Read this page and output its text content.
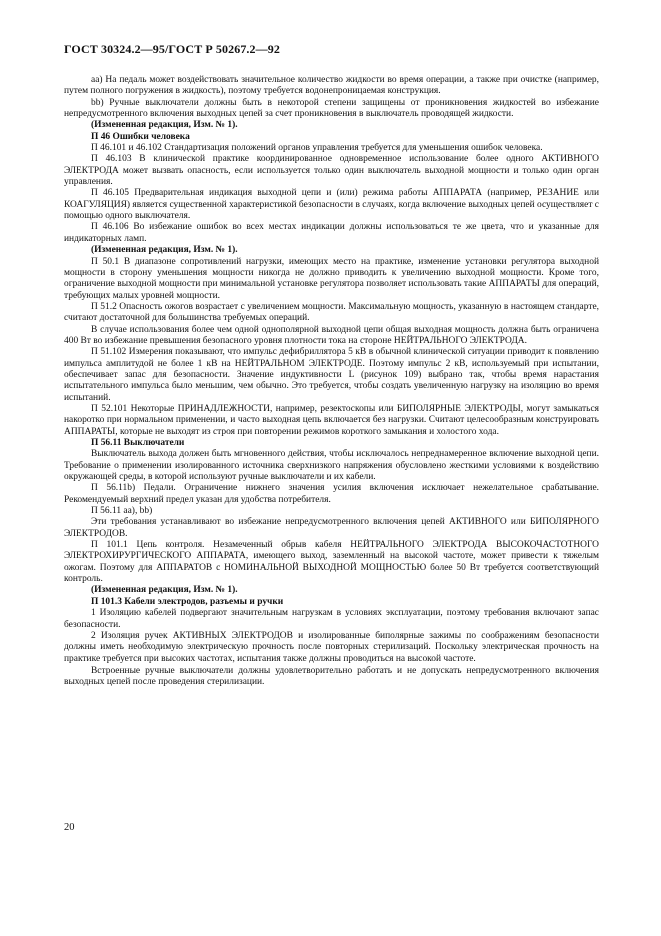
ГОСТ 30324.2—95/ГОСТ Р 50267.2—92

аа) На педаль может воздействовать значительное количество жидкости во время операции, а также при очистке (например, путем полного погружения в жидкость), поэтому требуется водонепроницаемая конструкция.

bb) Ручные выключатели должны быть в некоторой степени защищены от проникновения жидкостей во избежание непредусмотренного включения выходных цепей за счет проникновения в выключатель проводящей жидкости.

(Измененная редакция, Изм. № 1).

П 46 Ошибки человека

П 46.101 и 46.102 Стандартизация положений органов управления требуется для уменьшения ошибок человека.

П 46.103 В клинической практике координированное одновременное использование более одного АКТИВНОГО ЭЛЕКТРОДА может вызвать опасность, если используется только один выключатель выходной мощности и только один орган управления.

П 46.105 Предварительная индикация выходной цепи и (или) режима работы АППАРАТА (например, РЕЗАНИЕ или КОАГУЛЯЦИЯ) является существенной характеристикой безопасности в случаях, когда включение выходных цепей осуществляет с помощью одного выключателя.

П 46.106 Во избежание ошибок во всех местах индикации должны использоваться те же цвета, что и указанные для индикаторных ламп.

(Измененная редакция, Изм. № 1).

П 50.1 В диапазоне сопротивлений нагрузки, имеющих место на практике, изменение установки регулятора выходной мощности в сторону уменьшения мощности никогда не должно приводить к увеличению выходной мощности. Кроме того, ограничение выходной мощности при минимальной установке регулятора позволяет использовать такие АППАРАТЫ для операций, требующих малых уровней мощности.

П 51.2 Опасность ожогов возрастает с увеличением мощности. Максимальную мощность, указанную в настоящем стандарте, считают достаточной для большинства требуемых операций.

В случае использования более чем одной однополярной выходной цепи общая выходная мощность должна быть ограничена 400 Вт во избежание превышения безопасного уровня плотности тока на стороне НЕЙТРАЛЬНОГО ЭЛЕКТРОДА.

П 51.102 Измерения показывают, что импульс дефибриллятора 5 кВ в обычной клинической ситуации приводит к появлению импульса амплитудой не более 1 кВ на НЕЙТРАЛЬНОМ ЭЛЕКТРОДЕ. Поэтому импульс 2 кВ, используемый при испытании, обеспечивает запас для безопасности. Значение индуктивности L (рисунок 109) выбрано так, чтобы время нарастания испытательного импульса было меньшим, чем обычно. Это требуется, чтобы создать увеличенную нагрузку на изоляцию во время испытаний.

П 52.101 Некоторые ПРИНАДЛЕЖНОСТИ, например, резектоскопы или БИПОЛЯРНЫЕ ЭЛЕКТРОДЫ, могут замыкаться накоротко при нормальном применении, и часто выходная цепь включается без нагрузки. Считают целесообразным конструировать АППАРАТЫ, которые не выходят из строя при повторении режимов короткого замыкания и холостого хода.

П 56.11 Выключатели

Выключатель выхода должен быть мгновенного действия, чтобы исключалось непреднамеренное включение выходной цепи. Требование о применении изолированного источника сверхнизкого напряжения обусловлено жесткими условиями к воздействию окружающей среды, в которой используют ручные выключатели и их кабели.

П 56.11b) Педали. Ограничение нижнего значения усилия включения исключает нежелательное срабатывание. Рекомендуемый верхний предел указан для удобства потребителя.

П 56.11 аа), bb)

Эти требования устанавливают во избежание непредусмотренного включения цепей АКТИВНОГО или БИПОЛЯРНОГО ЭЛЕКТРОДОВ.

П 101.1 Цепь контроля. Незамеченный обрыв кабеля НЕЙТРАЛЬНОГО ЭЛЕКТРОДА ВЫСОКОЧАСТОТНОГО ЭЛЕКТРОХИРУРГИЧЕСКОГО АППАРАТА, имеющего выход, заземленный на высокой частоте, может привести к тяжелым ожогам. Поэтому для АППАРАТОВ с НОМИНАЛЬНОЙ ВЫХОДНОЙ МОЩНОСТЬЮ более 50 Вт требуется соответствующий контроль.

(Измененная редакция, Изм. № 1).

П 101.3 Кабели электродов, разъемы и ручки

1 Изоляцию кабелей подвергают значительным нагрузкам в условиях эксплуатации, поэтому требования включают запас безопасности.

2 Изоляция ручек АКТИВНЫХ ЭЛЕКТРОДОВ и изолированные биполярные зажимы по соображениям безопасности должны иметь необходимую электрическую прочность после повторных стерилизаций. Поскольку электрическая прочность на практике требуется при высоких частотах, испытания также должны проводиться на высокой частоте.

Встроенные ручные выключатели должны удовлетворительно работать и не допускать непредусмотренного включения выходных цепей после проведения стерилизации.

20
